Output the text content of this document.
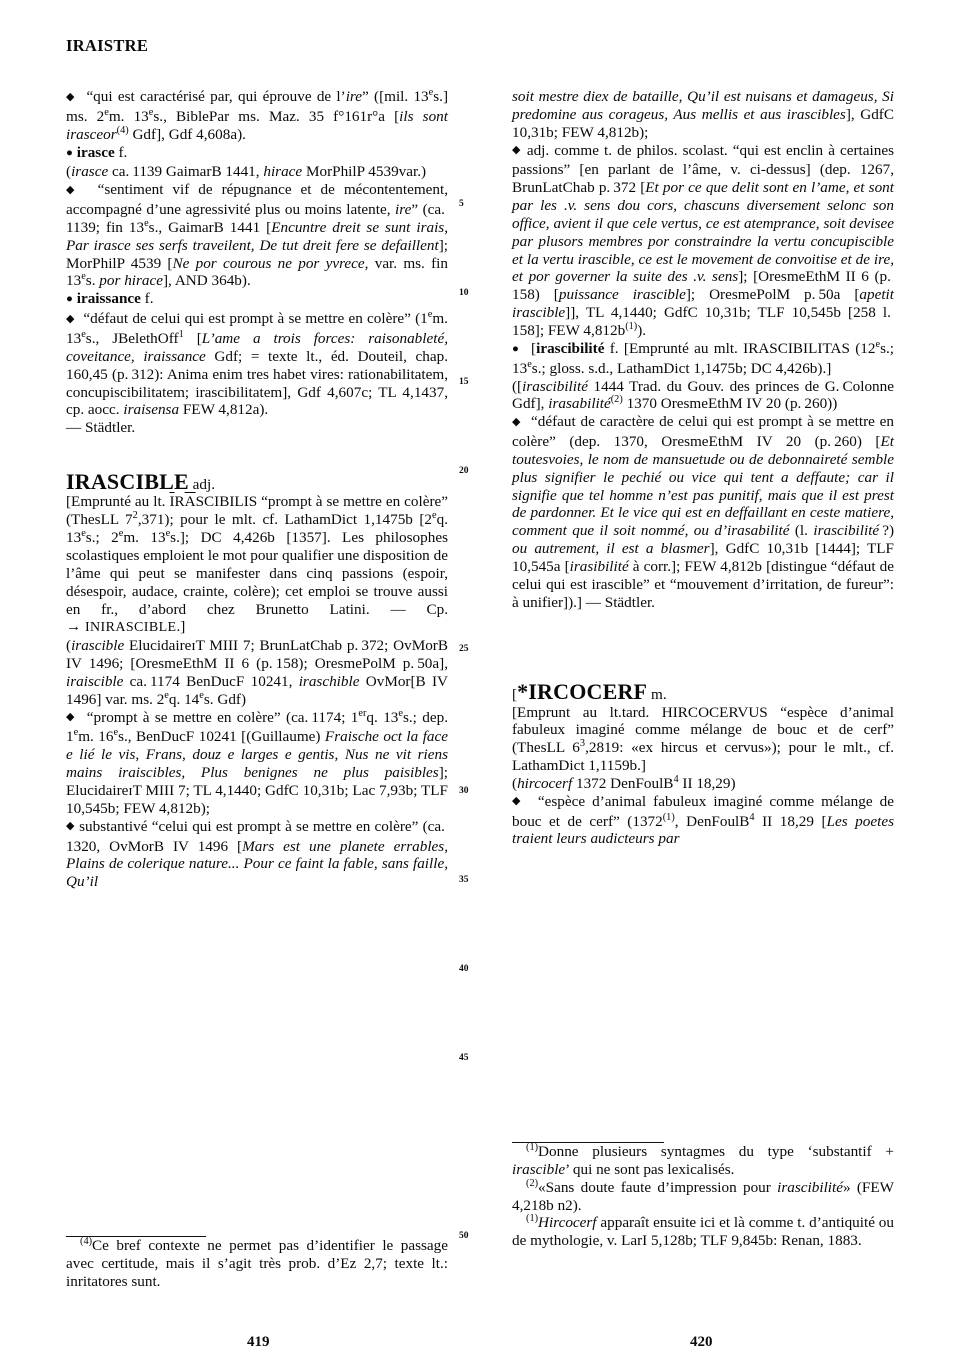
IRAISTRE

◆   “qui est caractérisé par, qui éprouve de l’ire” ([mil. 13es.] ms. 2em. 13es., BiblePar ms. Maz. 35 f°161r°a [ils sont irasceor$^{(4)}$ Gdf], Gdf 4,608a).

●  irasce f.

(irasce ca. 1139 GaimarB 1441, hirace MorPhilP 4539var.)

◆   “sentiment vif de répugnance et de mécontentement, accompagné d’une agressivité plus ou moins latente, ire” (ca. 1139; fin 13es., GaimarB 1441 [Encuntre dreit se sunt irais, Par irasce ses serfs traveilent, De tut dreit fere se defaillent]; MorPhilP 4539 [Ne por courous ne por yvrece, var. ms. fin 13es. por hirace], AND 364b).

●  iraissance f.

◆   “défaut de celui qui est prompt à se mettre en colère” (1em. 13es., JBelethOff$^1$ [L’ame a trois forces: raisonableté, coveitance, iraissance Gdf; = texte lt., éd. Douteil, chap. 160,45 (p. 312): Anima enim tres habet vires: rationabilitatem, concupiscibilitatem; irascibilitatem], Gdf 4,607c; TL 4,1437, cp. aocc. iraisensa FEW 4,812a).
— Städtler.

IRASCIBLE adj.

[Emprunté au lt. $\overline{I}R\overline{A}SCIBILIS$ “prompt à se mettre en colère” (ThesLL $7^2,371$); pour le mlt. cf. LathamDict 1,1475b [2eq. 13es.; 2em. 13es.]; DC 4,426b [1357]. Les philosophes scolastiques emploient le mot pour qualifier une disposition de l’âme qui peut se manifester dans cinq passions (espoir, désespoir, audace, crainte, colère); cet emploi se trouve aussi en fr., d’abord chez Brunetto Latini. — Cp. →  INIRASCIBLE.]

(irascible ElucidaireɪT MIII 7; BrunLatChab p. 372; OvMorB IV 1496; [OresmeEthM II 6 (p. 158); OresmePolM p. 50a], iraiscible ca. 1174 BenDucF 10241, iraschible OvMor[B IV 1496] var. ms. 2eq. 14es. Gdf)

◆   “prompt à se mettre en colère” (ca. 1174; 1erq. 13es.; dep. 1em. 16es., BenDucF 10241 [(Guillaume) Fraische oct la face e lié le vis, Frans, douz e larges e gentis, Nus ne vit riens mains iraiscibles, Plus benignes ne plus paisibles]; ElucidaireɪT MIII 7; TL 4,1440; GdfC 10,31b; Lac 7,93b; TLF 10,545b; FEW 4,812b);

◆  substantivé “celui qui est prompt à se mettre en colère” (ca. 1320, OvMorB IV 1496 [Mars est une planete errables, Plains de colerique nature... Pour ce faint la fable, sans faille, Qu’il

soit mestre diex de bataille, Qu’il est nuisans et damageus, Si predomine aus corageus, Aus mellis et aus irascibles], GdfC 10,31b; FEW 4,812b);

◆  adj. comme t. de philos. scolast. “qui est enclin à certaines passions” [en parlant de l’âme, v. ci-dessus] (dep. 1267, BrunLatChab p. 372 [Et por ce que delit sont en l’ame, et sont par les .v. sens dou cors, chascuns diversement selonc son office, avient il que cele vertus, ce est atemprance, soit devisee par plusors membres por constraindre la vertu concupiscible et la vertu irascible, ce est le movement de convoitise et de ire, et por governer la suite des .v. sens]; [OresmeEthM II 6 (p. 158) [puissance irascible]; OresmePolM p. 50a [apetit irascible]], TL 4,1440; GdfC 10,31b; TLF 10,545b [258 l. 158]; FEW $4,812b^{(1)}$).

●   [irascibilité f. [Emprunté au mlt. IRASCIBILITAS (12es.; 13es.; gloss. s.d., LathamDict 1,1475b; DC 4,426b).]

([irascibilité 1444 Trad. du Gouv. des princes de G. Colonne Gdf], irasabilité$^{(2)}$ 1370 OresmeEthM IV 20 (p. 260))

◆   “défaut de caractère de celui qui est prompt à se mettre en colère” (dep. 1370, OresmeEthM IV 20 (p. 260) [Et toutesvoies, le nom de mansuetude ou de debonnaireté semble plus signifier le pechié ou vice qui tent a deffaute; car il signifie que tel homme n’est pas punitif, mais que il est prest de pardonner. Et le vice qui est en deffaillant en ceste matiere, comment que il soit nommé, ou d’irasabilité (l. irascibilité ?) ou autrement, il est a blasmer], GdfC 10,31b [1444]; TLF 10,545a [irasibilité à corr.]; FEW 4,812b [distingue “défaut de celui qui est irascible” et “mouvement d’irritation, de fureur”: à unifier]).] — Städtler.

[*IRCOCERF m.

[Emprunt au lt.tard. HIRCOCERVUS “espèce d’animal fabuleux imaginé comme mélange de bouc et de cerf” (ThesLL $6^3,2819$: «ex hircus et cervus»); pour le mlt., cf. LathamDict 1,1159b.]

(hircocerf 1372 DenFoulB$^4$ II 18,29)

◆   “espèce d’animal fabuleux imaginé comme mélange de bouc et de cerf” (1372$^{(1)}$, DenFoulB$^4$ II 18,29 [Les poetes traient leurs audicteurs par

$^{(4)}$Ce bref contexte ne permet pas d’identifier le passage avec certitude, mais il s’agit très prob. d’Ez 2,7; texte lt.: inritatores sunt.

$^{(1)}$Donne plusieurs syntagmes du type ‘substantif + irascible’ qui ne sont pas lexicalisés.

$^{(2)}$«Sans doute faute d’impression pour irascibilité» (FEW 4,218b n2).

$^{(1)}$Hircocerf apparaît ensuite ici et là comme t. d’antiquité ou de mythologie, v. LarI 5,128b; TLF 9,845b: Renan, 1883.

5
10
15
20
25
30
35
40
45
50
419	420
